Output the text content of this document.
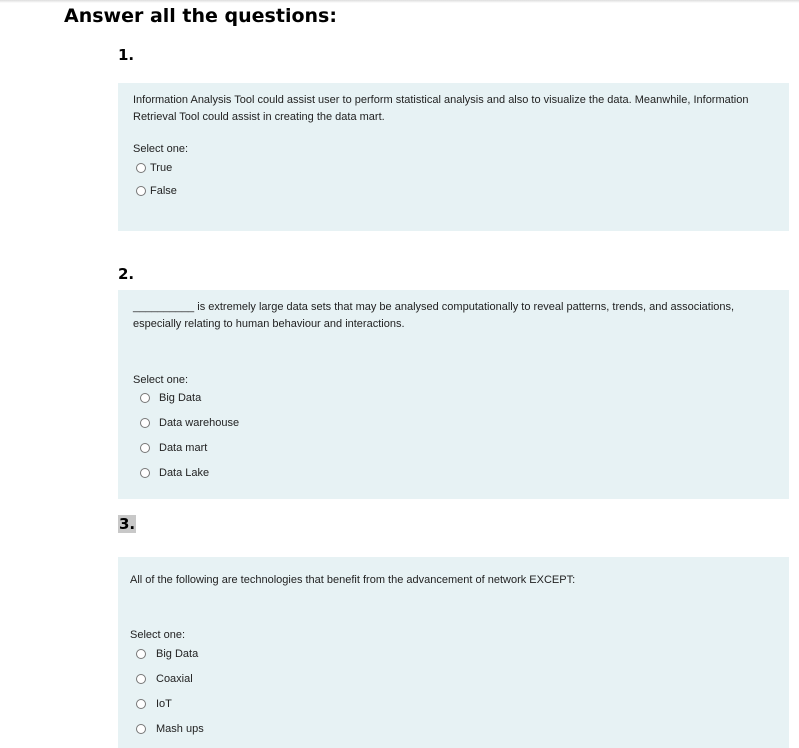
Answer all the questions:
1.
Information Analysis Tool could assist user to perform statistical analysis and also to visualize the data. Meanwhile, Information Retrieval Tool could assist in creating the data mart.
Select one:
True
False
2.
__________ is extremely large data sets that may be analysed computationally to reveal patterns, trends, and associations, especially relating to human behaviour and interactions.
Select one:
Big Data
Data warehouse
Data mart
Data Lake
3.
All of the following are technologies that benefit from the advancement of network EXCEPT:
Select one:
Big Data
Coaxial
IoT
Mash ups
